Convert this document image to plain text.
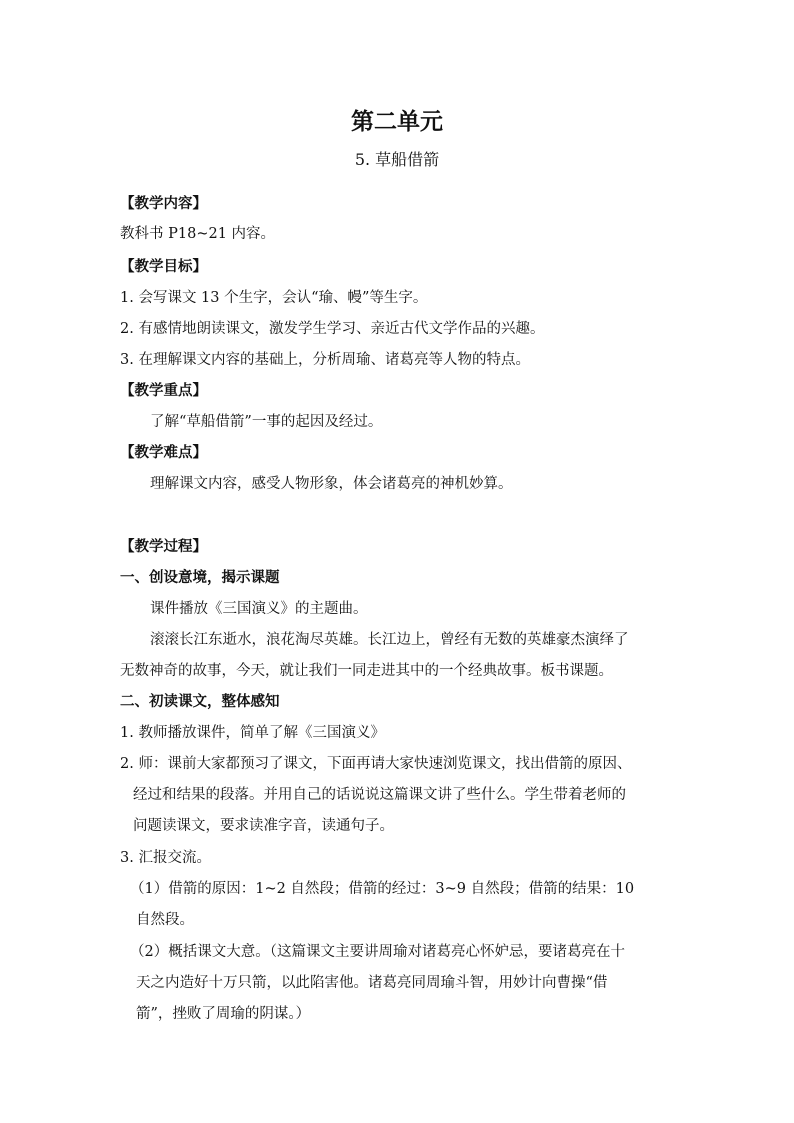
第二单元
5. 草船借箭
【教学内容】
教科书 P18~21 内容。
【教学目标】
1. 会写课文 13 个生字，会认“瑜、幔”等生字。
2. 有感情地朗读课文，激发学生学习、亲近古代文学作品的兴趣。
3. 在理解课文内容的基础上，分析周瑜、诸葛亮等人物的特点。
【教学重点】
了解“草船借箭”一事的起因及经过。
【教学难点】
理解课文内容，感受人物形象，体会诸葛亮的神机妙算。
【教学过程】
一、创设意境，揭示课题
课件播放《三国演义》的主题曲。
滚滚长江东逝水，浪花淘尽英雄。长江边上，曾经有无数的英雄豪杰演绎了
无数神奇的故事，今天，就让我们一同走进其中的一个经典故事。板书课题。
二、初读课文，整体感知
1. 教师播放课件，简单了解《三国演义》
2. 师：课前大家都预习了课文，下面再请大家快速浏览课文，找出借箭的原因、
经过和结果的段落。并用自己的话说说这篇课文讲了些什么。学生带着老师的
问题读课文，要求读准字音，读通句子。
3. 汇报交流。
（1）借箭的原因：1~2 自然段；借箭的经过：3~9 自然段；借箭的结果：10
自然段。
（2）概括课文大意。（这篇课文主要讲周瑜对诸葛亮心怀妒忌，要诸葛亮在十
天之内造好十万只箭，以此陷害他。诸葛亮同周瑜斗智，用妙计向曹操“借
箭”，挫败了周瑜的阴谋。）
